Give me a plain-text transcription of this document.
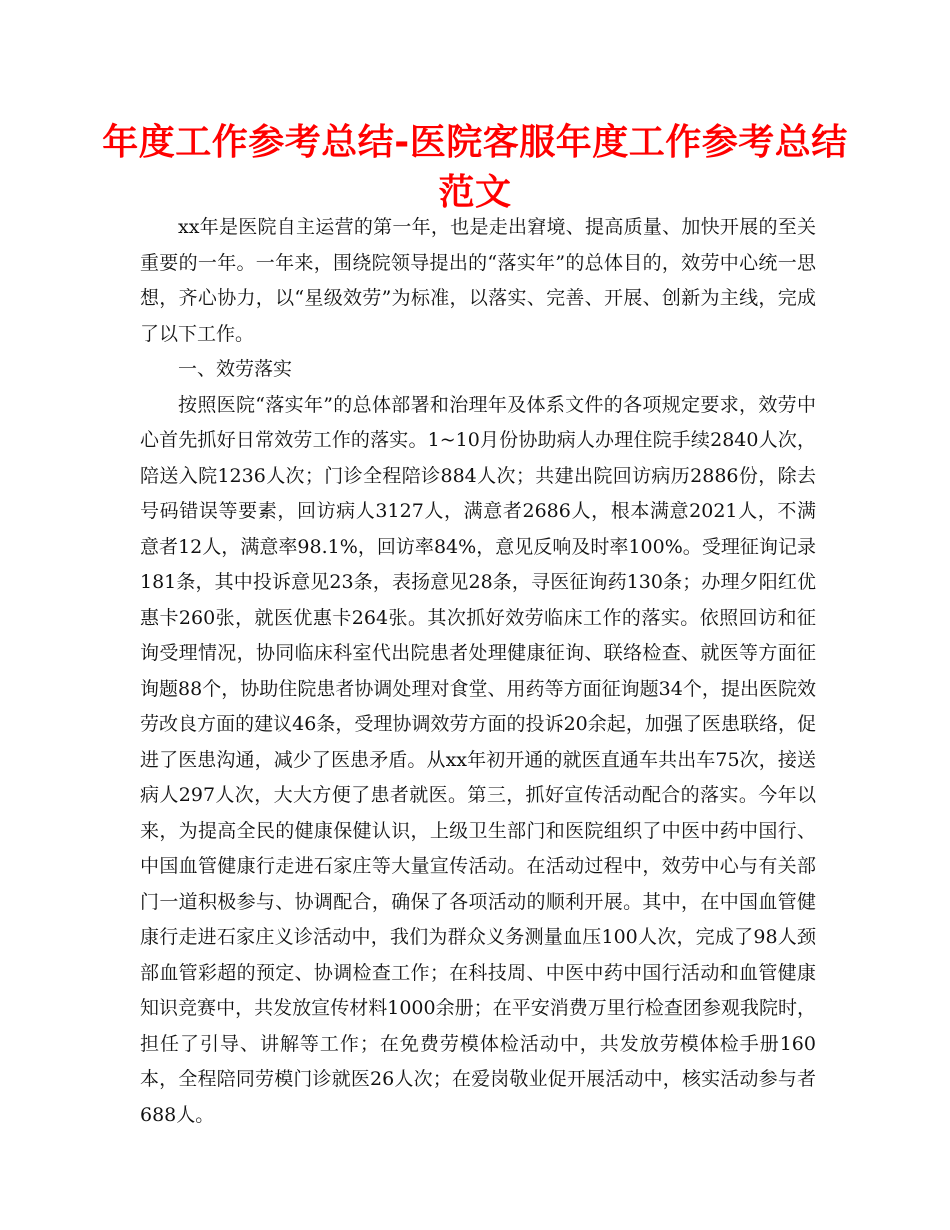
年度工作参考总结-医院客服年度工作参考总结范文

xx年是医院自主运营的第一年，也是走出窘境、提高质量、加快开展的至关重要的一年。一年来，围绕院领导提出的“落实年”的总体目的，效劳中心统一思想，齐心协力，以“星级效劳”为标准，以落实、完善、开展、创新为主线，完成了以下工作。

一、效劳落实

按照医院“落实年”的总体部署和治理年及体系文件的各项规定要求，效劳中心首先抓好日常效劳工作的落实。1~10月份协助病人办理住院手续2840人次，陪送入院1236人次；门诊全程陪诊884人次；共建出院回访病历2886份，除去号码错误等要素，回访病人3127人，满意者2686人，根本满意2021人，不满意者12人，满意率98.1%，回访率84%，意见反响及时率100%。受理征询记录181条，其中投诉意见23条，表扬意见28条，寻医征询药130条；办理夕阳红优惠卡260张，就医优惠卡264张。其次抓好效劳临床工作的落实。依照回访和征询受理情况，协同临床科室代出院患者处理健康征询、联络检查、就医等方面征询题88个，协助住院患者协调处理对食堂、用药等方面征询题34个，提出医院效劳改良方面的建议46条，受理协调效劳方面的投诉20余起，加强了医患联络，促进了医患沟通，减少了医患矛盾。从xx年初开通的就医直通车共出车75次，接送病人297人次，大大方便了患者就医。第三，抓好宣传活动配合的落实。今年以来，为提高全民的健康保健认识，上级卫生部门和医院组织了中医中药中国行、中国血管健康行走进石家庄等大量宣传活动。在活动过程中，效劳中心与有关部门一道积极参与、协调配合，确保了各项活动的顺利开展。其中，在中国血管健康行走进石家庄义诊活动中，我们为群众义务测量血压100人次，完成了98人颈部血管彩超的预定、协调检查工作；在科技周、中医中药中国行活动和血管健康知识竞赛中，共发放宣传材料1000余册；在平安消费万里行检查团参观我院时，担任了引导、讲解等工作；在免费劳模体检活动中，共发放劳模体检手册160本，全程陪同劳模门诊就医26人次；在爱岗敬业促开展活动中，核实活动参与者688人。
